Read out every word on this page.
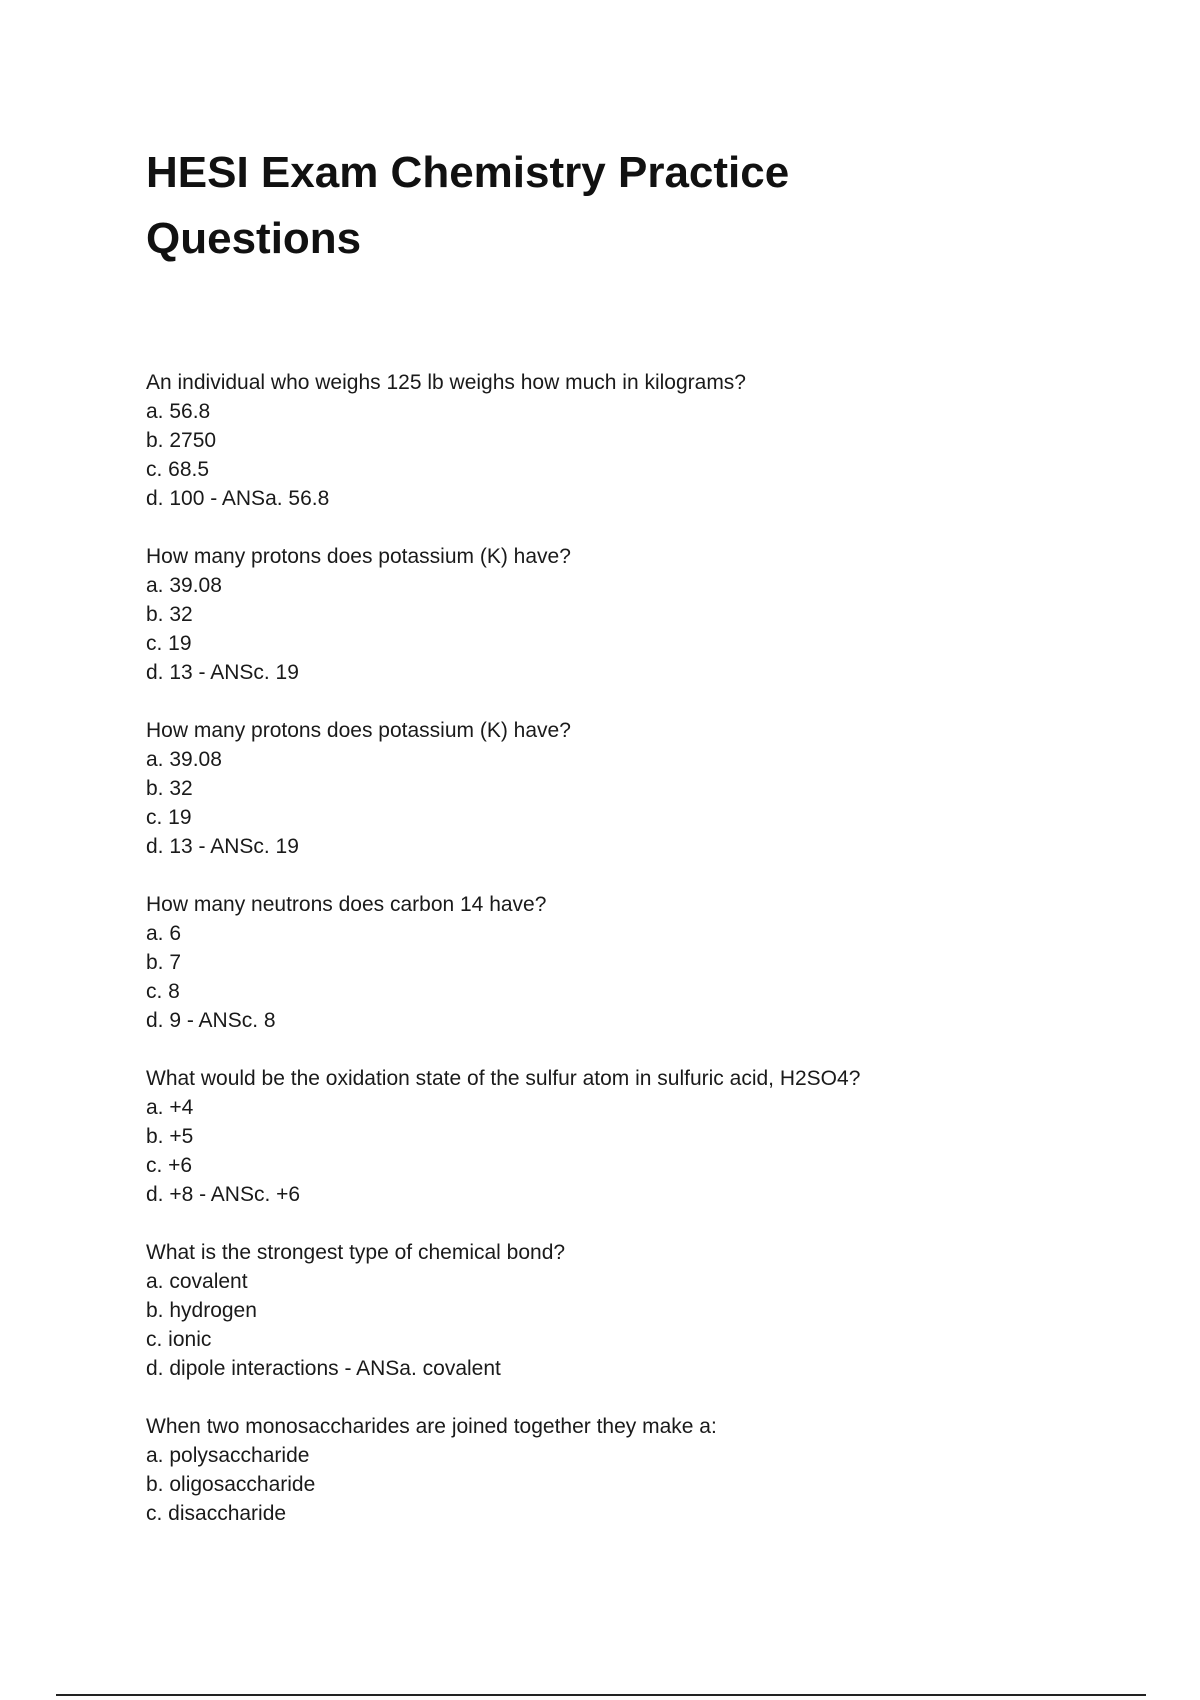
HESI Exam Chemistry Practice Questions
An individual who weighs 125 lb weighs how much in kilograms?
a. 56.8
b. 2750
c. 68.5
d. 100 - ANSa. 56.8
How many protons does potassium (K) have?
a. 39.08
b. 32
c. 19
d. 13 - ANSc. 19
How many protons does potassium (K) have?
a. 39.08
b. 32
c. 19
d. 13 - ANSc. 19
How many neutrons does carbon 14 have?
a. 6
b. 7
c. 8
d. 9 - ANSc. 8
What would be the oxidation state of the sulfur atom in sulfuric acid, H2SO4?
a. +4
b. +5
c. +6
d. +8 - ANSc. +6
What is the strongest type of chemical bond?
a. covalent
b. hydrogen
c. ionic
d. dipole interactions - ANSa. covalent
When two monosaccharides are joined together they make a:
a. polysaccharide
b. oligosaccharide
c. disaccharide
